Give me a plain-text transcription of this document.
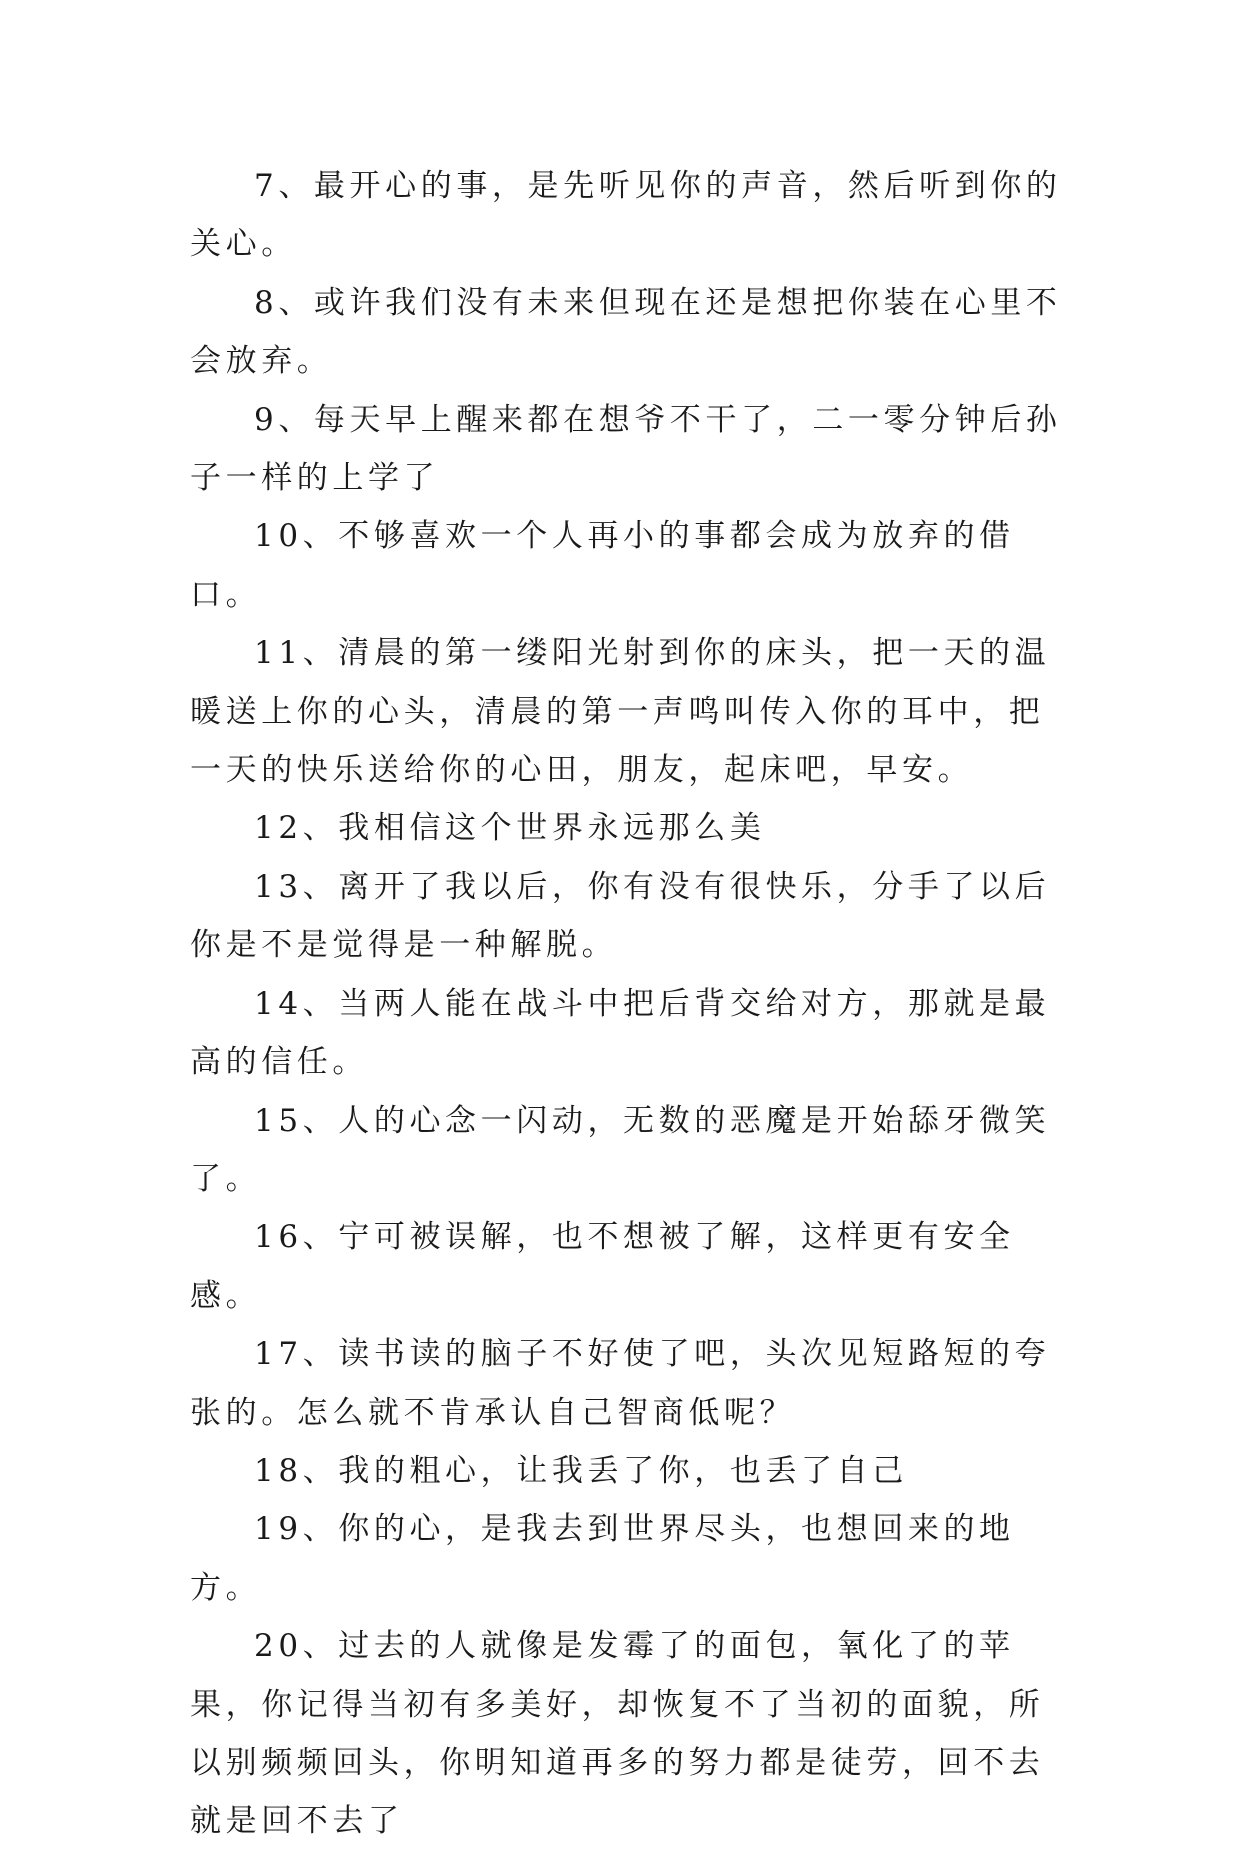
7、最开心的事，是先听见你的声音，然后听到你的关心。

8、或许我们没有未来但现在还是想把你装在心里不会放弃。

9、每天早上醒来都在想爷不干了，二一零分钟后孙子一样的上学了

10、不够喜欢一个人再小的事都会成为放弃的借口。

11、清晨的第一缕阳光射到你的床头，把一天的温暖送上你的心头，清晨的第一声鸣叫传入你的耳中，把一天的快乐送给你的心田，朋友，起床吧，早安。

12、我相信这个世界永远那么美

13、离开了我以后，你有没有很快乐，分手了以后你是不是觉得是一种解脱。

14、当两人能在战斗中把后背交给对方，那就是最高的信任。

15、人的心念一闪动，无数的恶魔是开始舔牙微笑了。

16、宁可被误解，也不想被了解，这样更有安全感。

17、读书读的脑子不好使了吧，头次见短路短的夸张的。怎么就不肯承认自己智商低呢？

18、我的粗心，让我丢了你，也丢了自己

19、你的心，是我去到世界尽头，也想回来的地方。

20、过去的人就像是发霉了的面包，氧化了的苹果，你记得当初有多美好，却恢复不了当初的面貌，所以别频频回头，你明知道再多的努力都是徒劳，回不去就是回不去了
